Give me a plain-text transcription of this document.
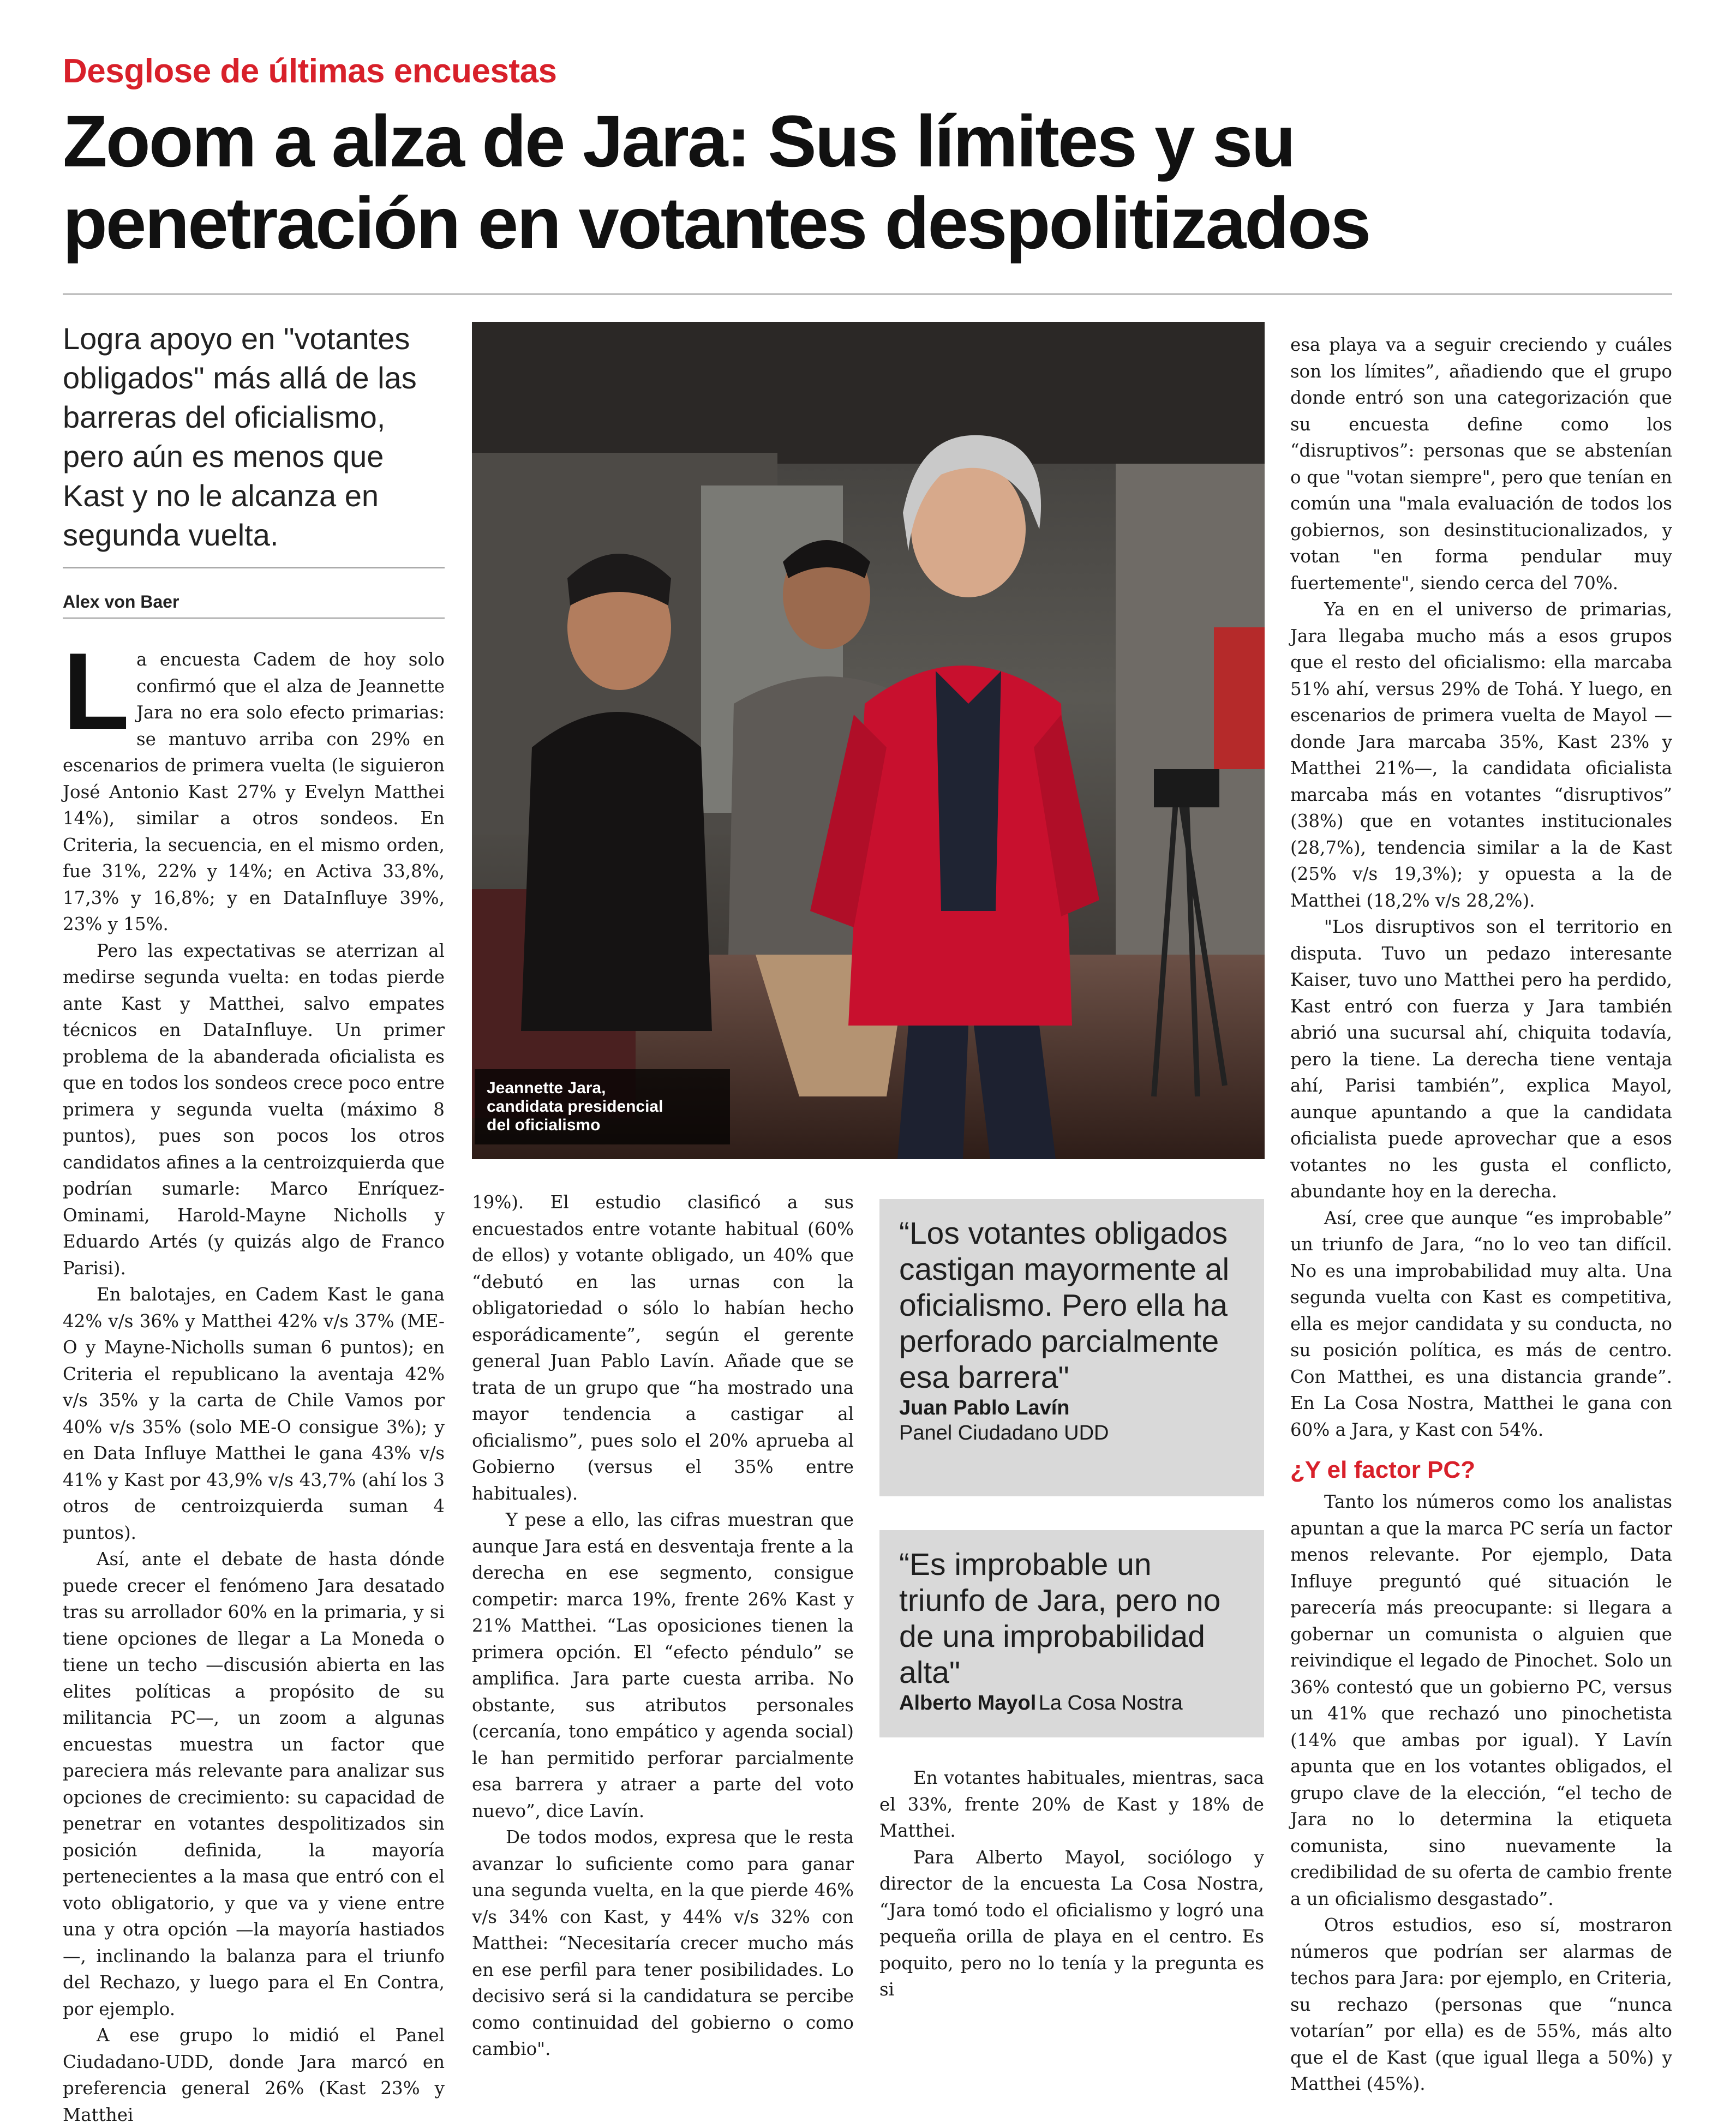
Desglose de últimas encuestas
Zoom a alza de Jara: Sus límites y su penetración en votantes despolitizados
Logra apoyo en "votantes obligados" más allá de las barreras del oficialismo, pero aún es menos que Kast y no le alcanza en segunda vuelta.
Alex von Baer

La encuesta Cadem de hoy solo confirmó que el alza de Jeannette Jara no era solo efecto primarias: se mantuvo arriba con 29% en escenarios de primera vuelta (le siguieron José Antonio Kast 27% y Evelyn Matthei 14%), similar a otros sondeos. En Criteria, la secuencia, en el mismo orden, fue 31%, 22% y 14%; en Activa 33,8%, 17,3% y 16,8%; y en DataInfluye 39%, 23% y 15%.

Pero las expectativas se aterrizan al medirse segunda vuelta: en todas pierde ante Kast y Matthei, salvo empates técnicos en DataInfluye. Un primer problema de la abanderada oficialista es que en todos los sondeos crece poco entre primera y segunda vuelta (máximo 8 puntos), pues son pocos los otros candidatos afines a la centroizquierda que podrían sumarle: Marco Enríquez-Ominami, Harold-Mayne Nicholls y Eduardo Artés (y quizás algo de Franco Parisi).

En balotajes, en Cadem Kast le gana 42% v/s 36% y Matthei 42% v/s 37% (ME-O y Mayne-Nicholls suman 6 puntos); en Criteria el republicano la aventaja 42% v/s 35% y la carta de Chile Vamos por 40% v/s 35% (solo ME-O consigue 3%); y en Data Influye Matthei le gana 43% v/s 41% y Kast por 43,9% v/s 43,7% (ahí los 3 otros de centroizquierda suman 4 puntos).

Así, ante el debate de hasta dónde puede crecer el fenómeno Jara desatado tras su arrollador 60% en la primaria, y si tiene opciones de llegar a La Moneda o tiene un techo —discusión abierta en las elites políticas a propósito de su militancia PC—, un zoom a algunas encuestas muestra un factor que pareciera más relevante para analizar sus opciones de crecimiento: su capacidad de penetrar en votantes despolitizados sin posición definida, la mayoría pertenecientes a la masa que entró con el voto obligatorio, y que va y viene entre una y otra opción —la mayoría hastiados—, inclinando la balanza para el triunfo del Rechazo, y luego para el En Contra, por ejemplo.

A ese grupo lo midió el Panel Ciudadano-UDD, donde Jara marcó en preferencia general 26% (Kast 23% y Matthei

Jeannette Jara,
candidata presidencial
del oficialismo

19%). El estudio clasificó a sus encuestados entre votante habitual (60% de ellos) y votante obligado, un 40% que “debutó en las urnas con la obligatoriedad o sólo lo habían hecho esporádicamente”, según el gerente general Juan Pablo Lavín. Añade que se trata de un grupo que “ha mostrado una mayor tendencia a castigar al oficialismo”, pues solo el 20% aprueba al Gobierno (versus el 35% entre habituales).

Y pese a ello, las cifras muestran que aunque Jara está en desventaja frente a la derecha en ese segmento, consigue competir: marca 19%, frente 26% Kast y 21% Matthei. “Las oposiciones tienen la primera opción. El “efecto péndulo” se amplifica. Jara parte cuesta arriba. No obstante, sus atributos personales (cercanía, tono empático y agenda social) le han permitido perforar parcialmente esa barrera y atraer a parte del voto nuevo”, dice Lavín.

De todos modos, expresa que le resta avanzar lo suficiente como para ganar una segunda vuelta, en la que pierde 46% v/s 34% con Kast, y 44% v/s 32% con Matthei: “Necesitaría crecer mucho más en ese perfil para tener posibilidades. Lo decisivo será si la candidatura se percibe como continuidad del gobierno o como cambio".

“Los votantes obligados castigan mayormente al oficialismo. Pero ella ha perforado parcialmente esa barrera"
Juan Pablo Lavín
Panel Ciudadano UDD
“Es improbable un triunfo de Jara, pero no de una improbabilidad alta"
Alberto Mayol La Cosa Nostra

En votantes habituales, mientras, saca el 33%, frente 20% de Kast y 18% de Matthei.

Para Alberto Mayol, sociólogo y director de la encuesta La Cosa Nostra, “Jara tomó todo el oficialismo y logró una pequeña orilla de playa en el centro. Es poquito, pero no lo tenía y la pregunta es si

esa playa va a seguir creciendo y cuáles son los límites”, añadiendo que el grupo donde entró son una categorización que su encuesta define como los “disruptivos”: personas que se abstenían o que "votan siempre", pero que tenían en común una "mala evaluación de todos los gobiernos, son desinstitucionalizados, y votan "en forma pendular muy fuertemente", siendo cerca del 70%.

Ya en en el universo de primarias, Jara llegaba mucho más a esos grupos que el resto del oficialismo: ella marcaba 51% ahí, versus 29% de Tohá. Y luego, en escenarios de primera vuelta de Mayol —donde Jara marcaba 35%, Kast 23% y Matthei 21%—, la candidata oficialista marcaba más en votantes “disruptivos” (38%) que en votantes institucionales (28,7%), tendencia similar a la de Kast (25% v/s 19,3%); y opuesta a la de Matthei (18,2% v/s 28,2%).

"Los disruptivos son el territorio en disputa. Tuvo un pedazo interesante Kaiser, tuvo uno Matthei pero ha perdido, Kast entró con fuerza y Jara también abrió una sucursal ahí, chiquita todavía, pero la tiene. La derecha tiene ventaja ahí, Parisi también”, explica Mayol, aunque apuntando a que la candidata oficialista puede aprovechar que a esos votantes no les gusta el conflicto, abundante hoy en la derecha.

Así, cree que aunque “es improbable” un triunfo de Jara, “no lo veo tan difícil. No es una improbabilidad muy alta. Una segunda vuelta con Kast es competitiva, ella es mejor candidata y su conducta, no su posición política, es más de centro. Con Matthei, es una distancia grande”. En La Cosa Nostra, Matthei le gana con 60% a Jara, y Kast con 54%.

¿Y el factor PC?

Tanto los números como los analistas apuntan a que la marca PC sería un factor menos relevante. Por ejemplo, Data Influye preguntó qué situación le parecería más preocupante: si llegara a gobernar un comunista o alguien que reivindique el legado de Pinochet. Solo un 36% contestó que un gobierno PC, versus un 41% que rechazó uno pinochetista (14% que ambas por igual). Y Lavín apunta que en los votantes obligados, el grupo clave de la elección, “el techo de Jara no lo determina la etiqueta comunista, sino nuevamente la credibilidad de su oferta de cambio frente a un oficialismo desgastado”.

Otros estudios, eso sí, mostraron números que podrían ser alarmas de techos para Jara: por ejemplo, en Criteria, su rechazo (personas que “nunca votarían” por ella) es de 55%, más alto que el de Kast (que igual llega a 50%) y Matthei (45%).
